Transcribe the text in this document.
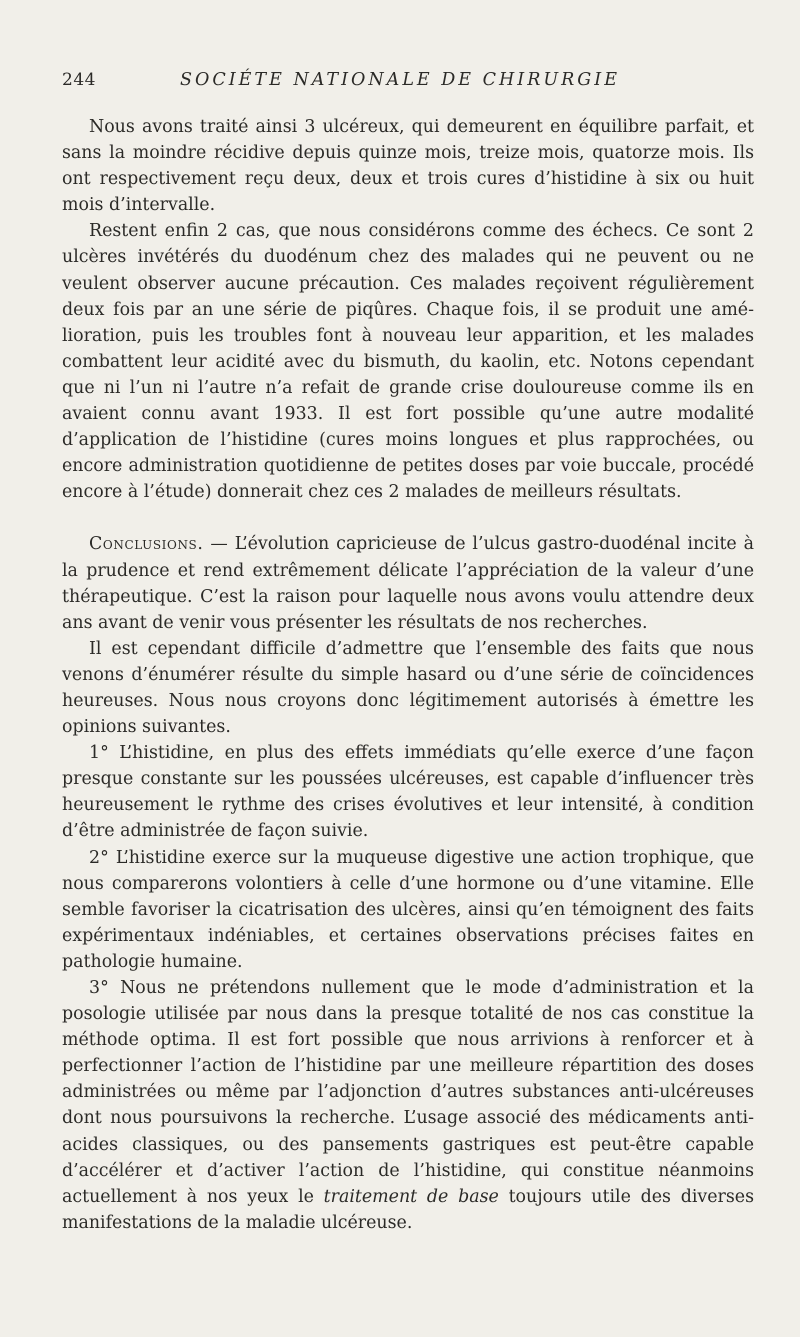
244	SOCIÉTE NATIONALE DE CHIRURGIE

Nous avons traité ainsi 3 ulcéreux, qui demeurent en équilibre parfait, et sans la moindre récidive depuis quinze mois, treize mois, quatorze mois. Ils ont respectivement reçu deux, deux et trois cures d’histidine à six ou huit mois d’intervalle.

Restent enfin 2 cas, que nous considérons comme des échecs. Ce sont 2 ulcères invétérés du duodénum chez des malades qui ne peuvent ou ne veulent observer aucune précaution. Ces malades reçoivent régulièrement deux fois par an une série de piqûres. Chaque fois, il se produit une amélioration, puis les troubles font à nouveau leur apparition, et les malades combattent leur acidité avec du bismuth, du kaolin, etc. Notons cependant que ni l’un ni l’autre n’a refait de grande crise douloureuse comme ils en avaient connu avant 1933. Il est fort possible qu’une autre modalité d’application de l’histidine (cures moins longues et plus rapprochées, ou encore administration quotidienne de petites doses par voie buccale, procédé encore à l’étude) donnerait chez ces 2 malades de meilleurs résultats.

Conclusions. — L’évolution capricieuse de l’ulcus gastro-duodénal incite à la prudence et rend extrêmement délicate l’appréciation de la valeur d’une thérapeutique. C’est la raison pour laquelle nous avons voulu attendre deux ans avant de venir vous présenter les résultats de nos recherches.

Il est cependant difficile d’admettre que l’ensemble des faits que nous venons d’énumérer résulte du simple hasard ou d’une série de coïncidences heureuses. Nous nous croyons donc légitimement autorisés à émettre les opinions suivantes.

1° L’histidine, en plus des effets immédiats qu’elle exerce d’une façon presque constante sur les poussées ulcéreuses, est capable d’influencer très heureusement le rythme des crises évolutives et leur intensité, à condition d’être administrée de façon suivie.

2° L’histidine exerce sur la muqueuse digestive une action trophique, que nous comparerons volontiers à celle d’une hormone ou d’une vitamine. Elle semble favoriser la cicatrisation des ulcères, ainsi qu’en témoignent des faits expérimentaux indéniables, et certaines observations précises faites en pathologie humaine.

3° Nous ne prétendons nullement que le mode d’administration et la posologie utilisée par nous dans la presque totalité de nos cas constitue la méthode optima. Il est fort possible que nous arrivions à renforcer et à perfectionner l’action de l’histidine par une meilleure répartition des doses administrées ou même par l’adjonction d’autres substances anti-ulcéreuses dont nous poursuivons la recherche. L’usage associé des médicaments anti-acides classiques, ou des pansements gastriques est peut-être capable d’accélérer et d’activer l’action de l’histidine, qui constitue néanmoins actuellement à nos yeux le traitement de base toujours utile des diverses manifestations de la maladie ulcéreuse.
